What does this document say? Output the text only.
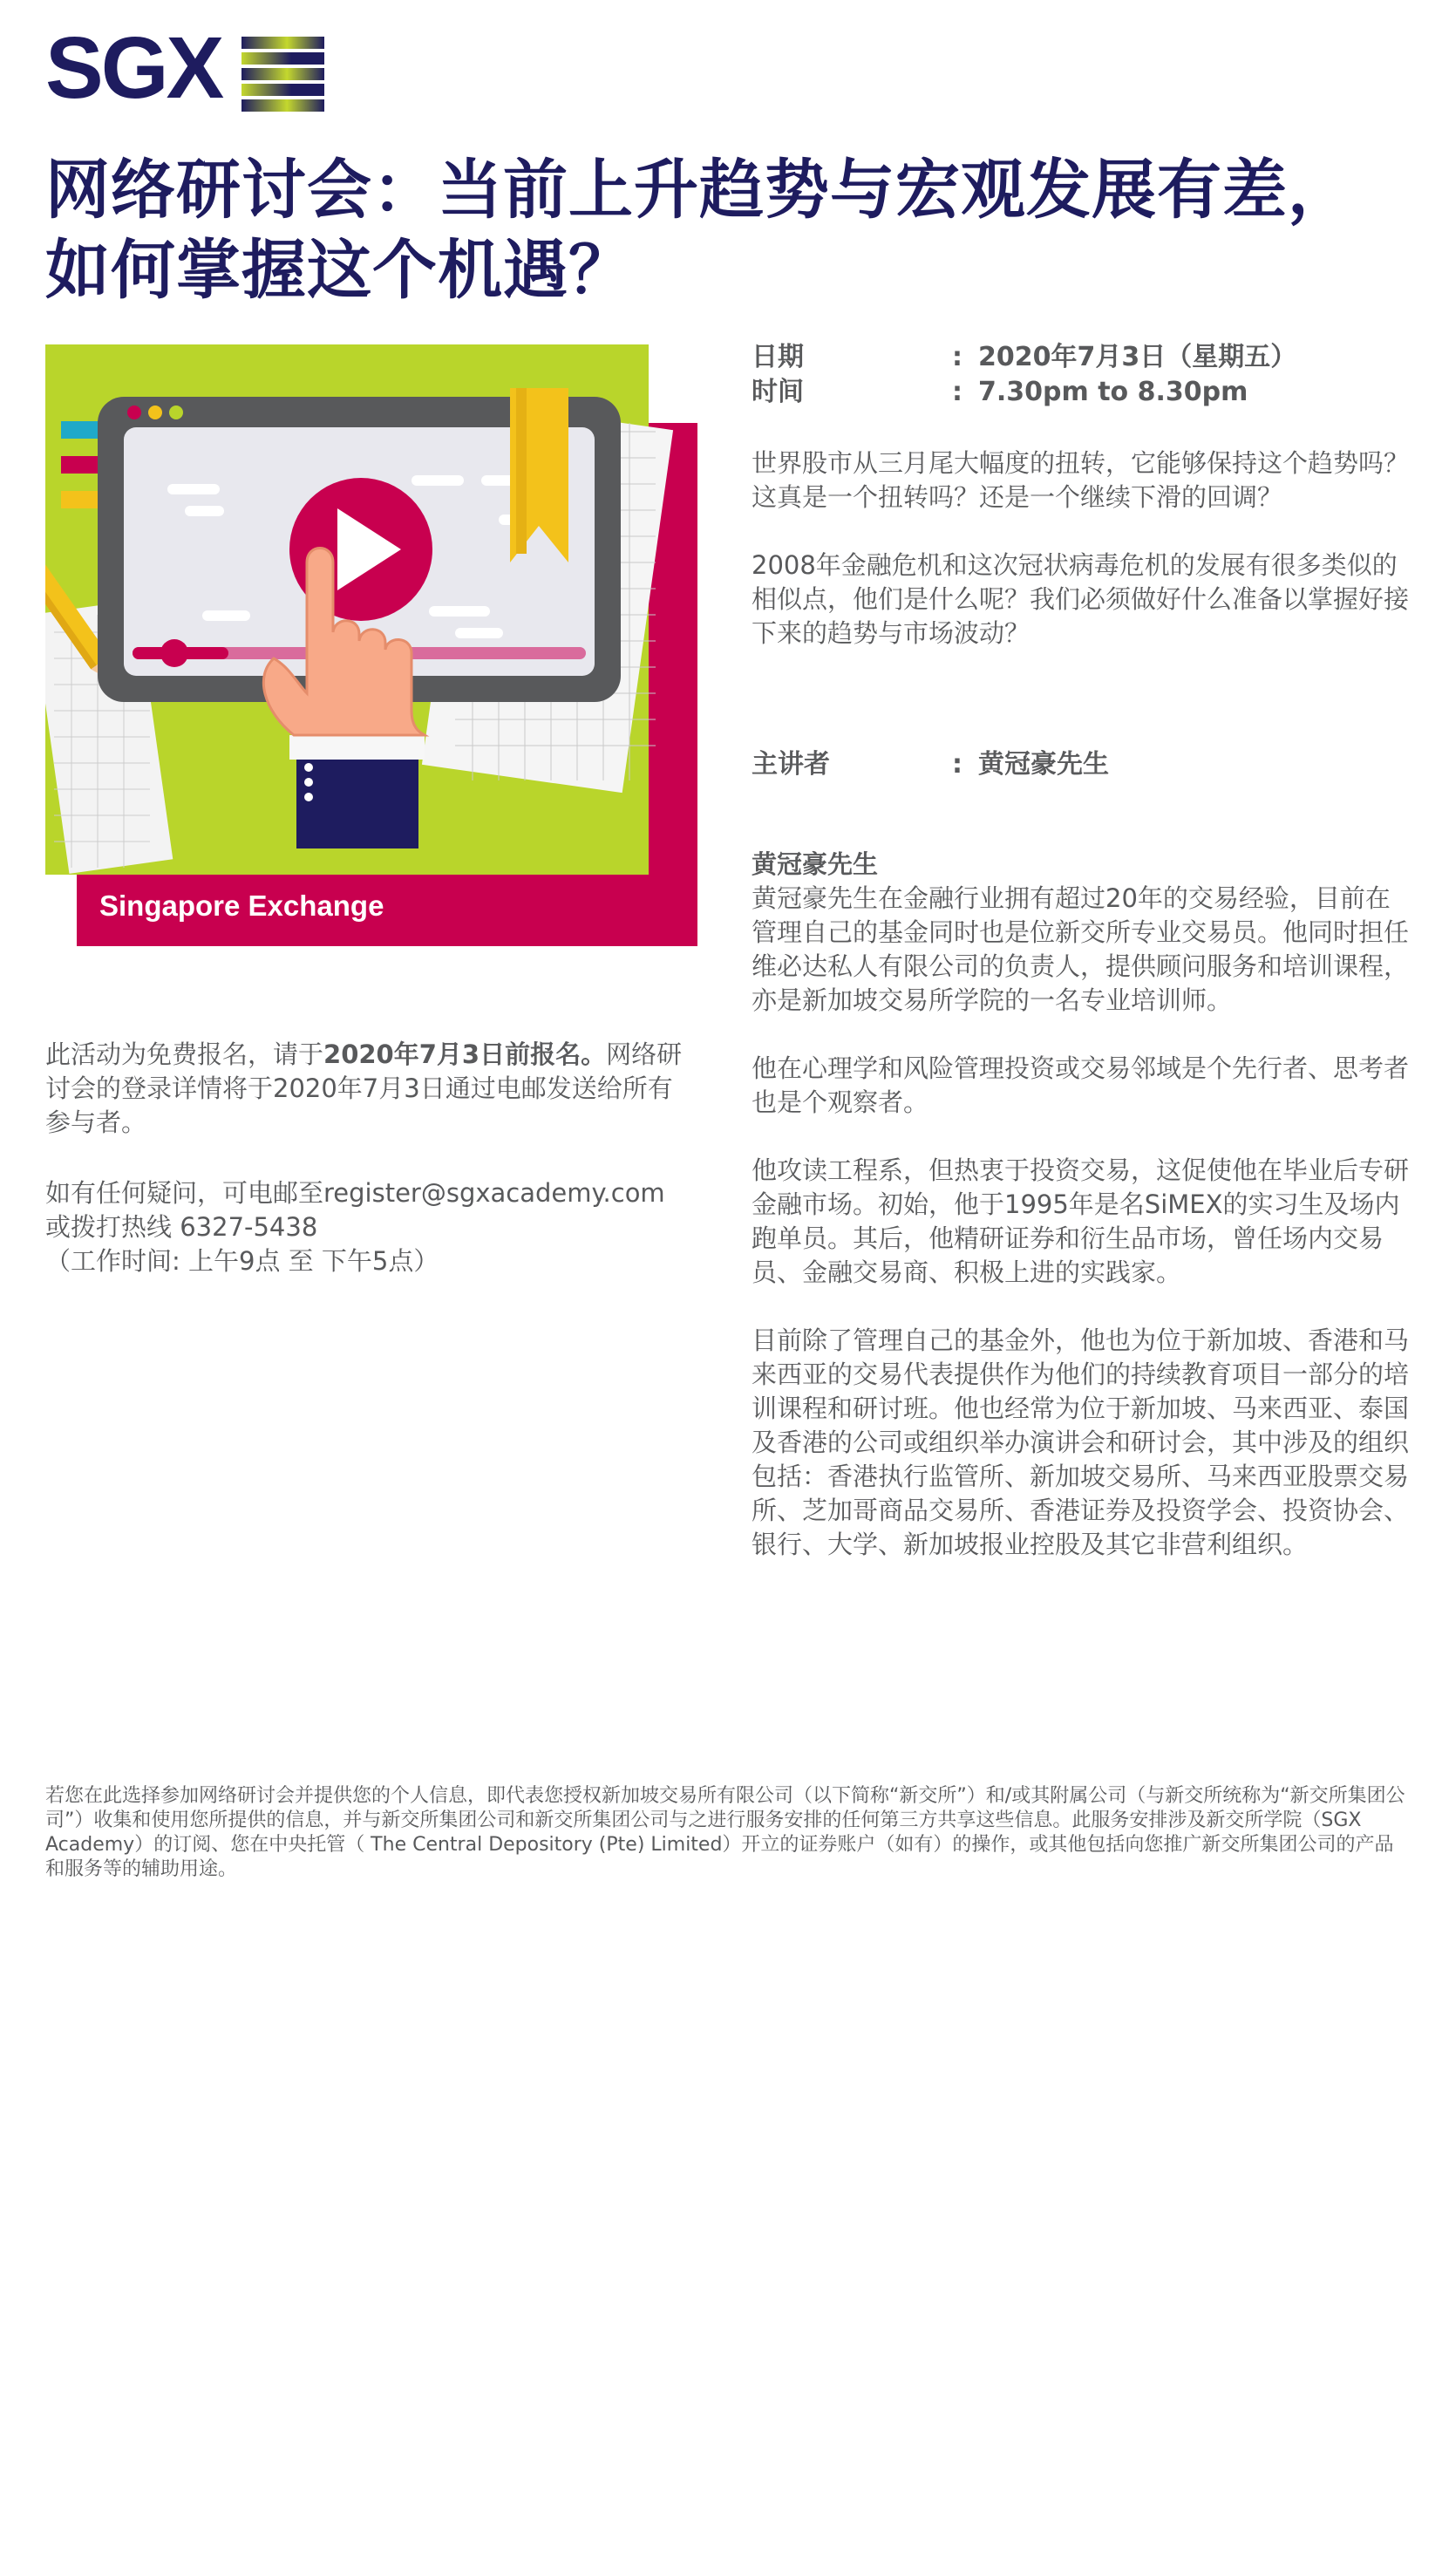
SGX
网络研讨会：当前上升趋势与宏观发展有差，
如何掌握这个机遇？
Singapore Exchange

此活动为免费报名，请于2020年7月3日前报名。网络研讨会的登录详情将于2020年7月3日通过电邮发送给所有参与者。

如有任何疑问，可电邮至register@sgxacademy.com
或拨打热线 6327-5438
（工作时间: 上午9点 至 下午5点）

日期	: 2020年7月3日（星期五）
时间	: 7.30pm to 8.30pm

世界股市从三月尾大幅度的扭转，它能够保持这个趋势吗？这真是一个扭转吗？还是一个继续下滑的回调？

2008年金融危机和这次冠状病毒危机的发展有很多类似的相似点，他们是什么呢？我们必须做好什么准备以掌握好接下来的趋势与市场波动？

主讲者	: 黄冠豪先生

黄冠豪先生

黄冠豪先生在金融行业拥有超过20年的交易经验，目前在管理自己的基金同时也是位新交所专业交易员。他同时担任维必达私人有限公司的负责人，提供顾问服务和培训课程，亦是新加坡交易所学院的一名专业培训师。

他在心理学和风险管理投资或交易邻域是个先行者、思考者也是个观察者。

他攻读工程系，但热衷于投资交易，这促使他在毕业后专研金融市场。初始，他于1995年是名SiMEX的实习生及场内跑单员。其后，他精研证券和衍生品市场，曾任场内交易员、金融交易商、积极上进的实践家。

目前除了管理自己的基金外，他也为位于新加坡、香港和马来西亚的交易代表提供作为他们的持续教育项目一部分的培训课程和研讨班。他也经常为位于新加坡、马来西亚、泰国及香港的公司或组织举办演讲会和研讨会，其中涉及的组织包括：香港执行监管所、新加坡交易所、马来西亚股票交易所、芝加哥商品交易所、香港证券及投资学会、投资协会、银行、大学、新加坡报业控股及其它非营利组织。

若您在此选择参加网络研讨会并提供您的个人信息，即代表您授权新加坡交易所有限公司（以下简称“新交所”）和/或其附属公司（与新交所统称为“新交所集团公司”）收集和使用您所提供的信息，并与新交所集团公司和新交所集团公司与之进行服务安排的任何第三方共享这些信息。此服务安排涉及新交所学院（SGX Academy）的订阅、您在中央托管（ The Central Depository (Pte) Limited）开立的证券账户（如有）的操作，或其他包括向您推广新交所集团公司的产品和服务等的辅助用途。
